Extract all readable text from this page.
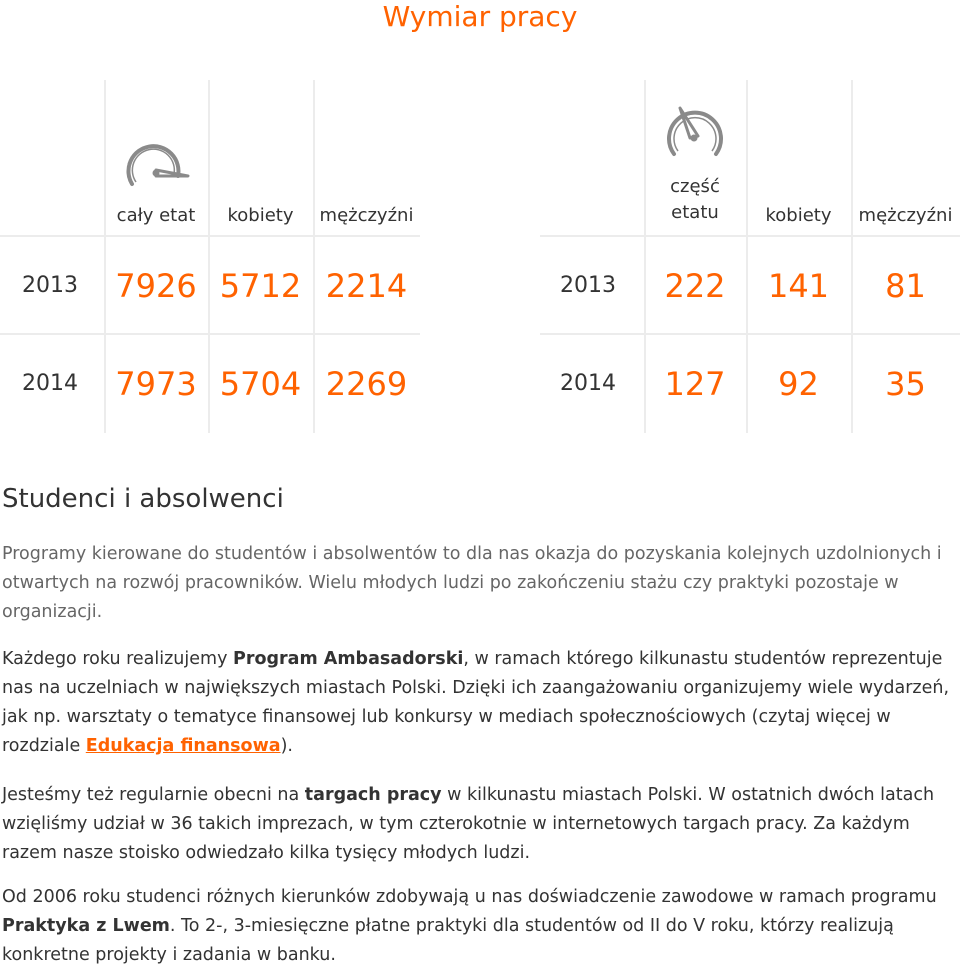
Wymiar pracy
cały etat	kobiety	mężczyźni
2013	7926 5712 2214
2014	7973 5704 2269
część etatu	kobiety	mężczyźni
2013	222	141	81
2014	127	92	35
Studenci i absolwenci

Programy kierowane do studentów i absolwentów to dla nas okazja do pozyskania kolejnych uzdolnionych i otwartych na rozwój pracowników. Wielu młodych ludzi po zakończeniu stażu czy praktyki pozostaje w organizacji.

Każdego roku realizujemy Program Ambasadorski, w ramach którego kilkunastu studentów reprezentuje nas na uczelniach w największych miastach Polski. Dzięki ich zaangażowaniu organizujemy wiele wydarzeń, jak np. warsztaty o tematyce finansowej lub konkursy w mediach społecznościowych (czytaj więcej w rozdziale Edukacja finansowa).

Jesteśmy też regularnie obecni na targach pracy w kilkunastu miastach Polski. W ostatnich dwóch latach wzięliśmy udział w 36 takich imprezach, w tym czterokotnie w internetowych targach pracy. Za każdym razem nasze stoisko odwiedzało kilka tysięcy młodych ludzi.

Od 2006 roku studenci różnych kierunków zdobywają u nas doświadczenie zawodowe w ramach programu Praktyka z Lwem. To 2-, 3-miesięczne płatne praktyki dla studentów od II do V roku, którzy realizują konkretne projekty i zadania w banku.
